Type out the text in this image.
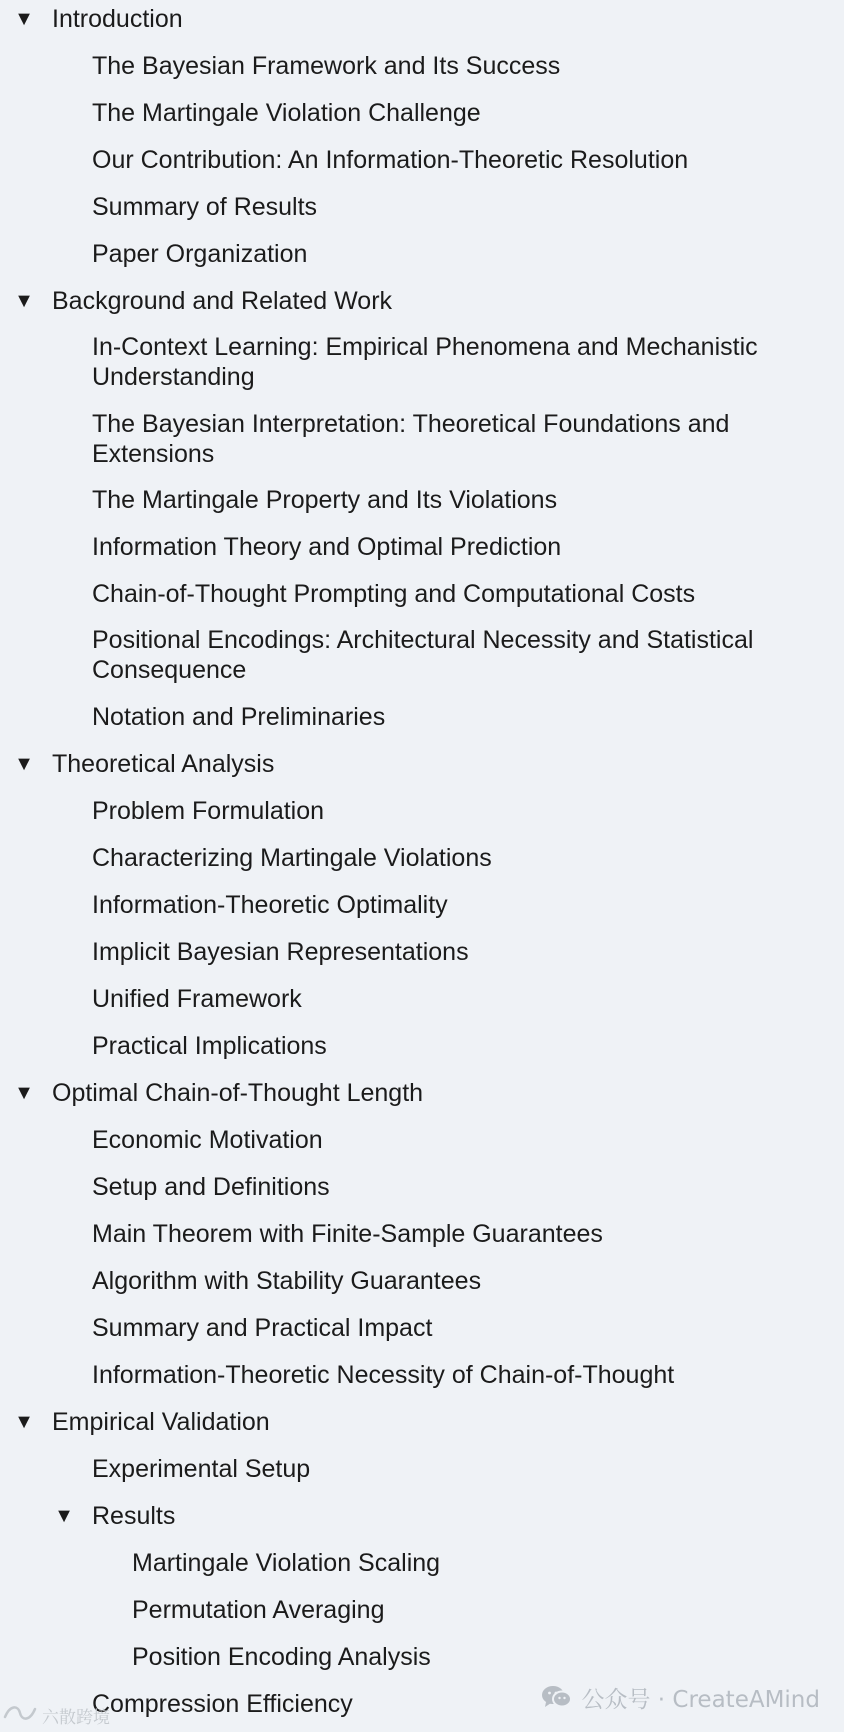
▼ Introduction
The Bayesian Framework and Its Success
The Martingale Violation Challenge
Our Contribution: An Information-Theoretic Resolution
Summary of Results
Paper Organization
▼ Background and Related Work
In-Context Learning: Empirical Phenomena and Mechanistic Understanding
The Bayesian Interpretation: Theoretical Foundations and Extensions
The Martingale Property and Its Violations
Information Theory and Optimal Prediction
Chain-of-Thought Prompting and Computational Costs
Positional Encodings: Architectural Necessity and Statistical Consequence
Notation and Preliminaries
▼ Theoretical Analysis
Problem Formulation
Characterizing Martingale Violations
Information-Theoretic Optimality
Implicit Bayesian Representations
Unified Framework
Practical Implications
▼ Optimal Chain-of-Thought Length
Economic Motivation
Setup and Definitions
Main Theorem with Finite-Sample Guarantees
Algorithm with Stability Guarantees
Summary and Practical Impact
Information-Theoretic Necessity of Chain-of-Thought
▼ Empirical Validation
Experimental Setup
▼ Results
Martingale Violation Scaling
Permutation Averaging
Position Encoding Analysis
Compression Efficiency	公众号 · CreateAMind
六散跨境
